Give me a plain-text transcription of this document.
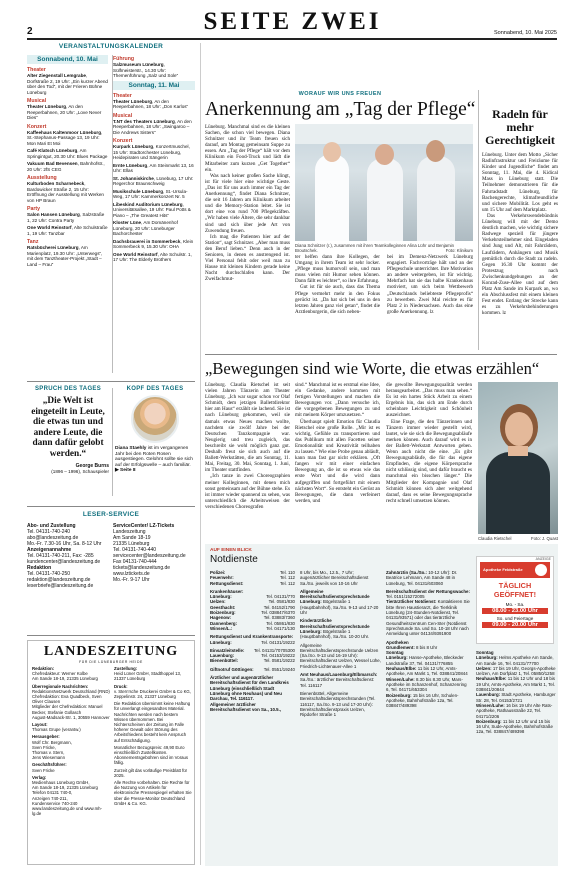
2	SEITE ZWEI	Sonnabend, 10. Mai 2025
VERANSTALTUNGSKALENDER
Sonnabend, 10. Mai
Theater
Alter Ziegenstall Lemgrabe, Dorfstraße 2, 19 Uhr: „Ein kurzer Abend über den Tod“, mit der Frieren Bühne Lüneburg
Musical
Theater Lüneburg, An den Reeperbahnen, 20 Uhr: „Love Never Dies“
Konzert
Kaffeehaus Kaltenmoor Lüneburg, St.-Stephanus-Passage 13, 19 Uhr: Mon Mari Et Moi
Café Klatsch Lüneburg, Am Springintgut, 20.30 Uhr: Blues Package
Vakuum Bad Bevensen, Bahnhofstr., 20 Uhr: 2fS CEG
Ausstellung
Kulturboden Scharnebeck, Bardowicker Straße 2, 15 Uhr: Eröffnung der Ausstellung mit Werken von HP Braun
Party
Salon Hansen Lüneburg, Salzstraße 1, 22 Uhr: Contra Party
One World Reinstorf, Alte Schulstraße 1, 19 Uhr: Tanzbar
Tanz
Ratsbücherei Lüneburg, Am Marienplatz, 19.30 Uhr: „Unterwegs“, mit dem Tanztheater-Projekt „Stadt – Land – Frau“
Führung
Salzmuseum Lüneburg, Sülfmeisterstr., 14.30 Uhr: Themenführung „Salz und Sole“
Sonntag, 11. Mai
Theater
Theater Lüneburg, An den Reeperbahnen, 18 Uhr: „Don Karlos“
Musical
T.NT des Theaters Lüneburg, An den Reeperbahnen, 18 Uhr: „Swingaroo – Die Andrews Sisters“
Konzert
Kurpark Lüneburg, Konzertmuschel, 15 Uhr: Stadtorchester Lüneburg, Heidepiraten und Sängerin
Ernte Lüneburg, Am Steinmarkt 13, 16 Uhr: Ellas
St. Johanniskirche, Lüneburg, 17 Uhr: Regerchor Braunschweig
Musikschule Lüneburg, St.-Ursula-Weg, 17 Uhr: Kammerkonzert Nr. 5
Libeskind Auditorium Lüneburg, Universitätsallee, 19 Uhr: Paul Potts & Piano – „The Greatest Hits“
Kloster Lüne, Am Domänenhof Lüneburg, 20 Uhr: Lüneburger Bachorchester
Dachsbrauerei in Sommerbeck, Klein Sommerbeck 9, 15.30 Uhr: OHA
One World Reinstorf, Alte Schulstr. 1, 17 Uhr: The Elderly Brothers
SPRUCH DES TAGES
„Die Welt ist eingeteilt in Leute, die etwas tun und andere Leute, die dann dafür gelobt werden.“
George Burns
(1896 – 1996), Schauspieler
KOPF DES TAGES
Diana Staehly ist im vergangenen Jahr bei den Roten Rosen ausgestiegen. Gelohnt sollte sie sich auf der Erfolgswelle – auch familiär. ▶ Seite 8
LESER-SERVICE
Abo- und Zustellung
Tel. 04131-740-240
abo@landeszeitung.de
Mo.-Fr. 7.30-16 Uhr, Sa. 8-12 Uhr
Anzeigenannahme
Tel. 04131-740-211, Fax: -285
kundencenter@landeszeitung.de
Redaktion
Tel. 04131-740-250
redaktion@landeszeitung.de
leserbriefe@landeszeitung.de
ServiceCenter/ LZ-Tickets
Landeszeitung
Am Sande 18-19
21335 Lüneburg
Tel. 04131-740-440
servicecenter@landeszeitung.de
Fax 04131-740-444
tickets@landeszeitung.de
www.lztickets.de
Mo.-Fr. 9-17 Uhr
LANDESZEITUNG
FÜR DIE LÜNEBURGER HEIDE
Redaktion:
Chefredakteur: Werner Kolbe
Am Sande 18-19, 21335 Lüneburg
Überregionale Nachrichten:
RedaktionsNetzwerk Deutschland (RND)
Chefredaktion: Eva Quadbeck, Sven Oliver Clausen
Mitglieder der Chefredaktion: Manuel Becker, Stefanie Gollasch
August-Madsack-Str. 1, 30559 Hannover
Layout:
Thomas Grupe (verantw.)
Herausgeber:
Wolf Chr. Bergmann,
Sven Fricke,
Thomas v. Stern,
Jens Wiesemann
Geschäftsführer:
Sven Fricke
Verlag:
Medienhaus Lüneburg GmbH,
Am Sande 18-19, 21335 Lüneburg
Telefon 04131 740-0,
Anzeigen 740-211,
Kundenservice 740-240
www.landeszeitung.de und www.mh-lg.de
Zustellung:
Heid Lüner GmbH, Stadthoppel 13, 21337 Lüneburg
Druck:
v. Stern’sche Druckerei GmbH & Co KG, Zeppelinstr. 24, 21337 Lüneburg
Die Redaktion übernimmt keine Haftung für unverlangt eingesandtes Material. Nachrichten werden nach bestem Wissen übernommen. Bei Nichterscheinen der Zeitung im Falle höherer Gewalt oder Störung des Arbeitsfriedens besteht kein Anspruch auf Entschädigung.
Monatlicher Bezugspreis: 49,90 Euro einschließlich Zustellkosten. Abonnementsgebühren sind im Voraus fällig.
Zurzeit gilt das vorläufige Preisblatt für 2025.
Alle Rechte vorbehalten. Die Rechte für die Nutzung von Artikeln für elektronische Pressespiegel erhalten Sie über die Presse-Monitor Deutschland GmbH & Co. KG.
WORAUF WIR UNS FREUEN
Anerkennung am „Tag der Pflege“

Lüneburg. Manchmal sind es die kleinen Sachen, die schon viel bewegen. Diana Schnitzer und ihr Team freuen sich darauf, am Montag gemeinsam Suppe zu essen. Am „Tag der Pflege“ hält vor dem Klinikum ein Food-Truck und lädt die Mitarbeiter zum kurzen „Get Together“ ein.

Was nach keiner großen Sache klingt, ist für viele hier eine wichtige Geste. „Das ist für uns auch immer ein Tag der Anerkennung“, findet Diana Schnitzer, die seit 16 Jahren am Klinikum arbeitet und die Memory-Station leitet. Sie ist dort eine von rund 700 Pflegekräften. „Wir haben viele Ältere, die sehr dankbar sind und sich über jede Art von Zuwendung freuen.

Ich mag die Patienten hier auf der Station“, sagt Schnitzer. „Aber man muss den Beruf lieben.“ Denn auch in der Senioren, in denen es anstrengend ist. Viel Personal fehlt oder weil man zu Hause mit kleinen Kindern gerade keine Nacht durchschlafen kann. Der Zweifachmut-

Diana Schnitzer (r.), zusammen mit ihren Teamkolleginnen Alina Lühr und Benjamin Broutschek.	Foto: Klinikum

ter helfen dann ihre Kollegen, der Umgang in ihrem Team ist sehr locker. „Pflege muss humorvoll sein, und man muss vielen mit Humor sehen können. Dann fällt es leichter“, so ihre Erfahrung.

Gut ist für sie auch, dass das Thema Pflege vermehrt mehr in den Fokus gerückt ist. „Da hat sich bei uns in den letzten Jahren ganz viel getan“, findet die Arztlenburgerin, die sich neben-

bei im Demenz-Netzwerk Lüneburg engagiert. Fachvorträge hält und an der Pflegeschule unterrichtet. Ihre Motivation an andere weitergeben, ist für wichtig. Mehrfach hat sie das halbe Krankenhaus motiviert, um sich beim Wettbewerb „Deutschlands beliebteste Pflegeprofis“ zu bewerben. Zwei Mal reichte es für Platz 2 in Niedersachsen. Auch das eine große Anerkennung. lz

Radeln für mehr Gerechtigkeit
Lüneburg. Unter dem Motto „Sicher Radinfrastruktur und Freiräume für Kinder und Jugendliche“ findet am Sonntag, 11. Mai, die 4. Kidical Mass in Lüneburg statt. Die Teilnehmer demonstrieren für die Fahrradstadt Lüneburg, für Bachengerechte, klimafreundliche und sichere Mobilität. Los geht es um 15 Uhr auf dem Marktplatz.
Das Verkehrswendebündnis Lüneburg will mit der Demo deutlich machen, wie wichtig sichere Radwege speziell für jüngere Verkehrsteilnehmer sind. Eingeladen sind Jung und Alt, mit Fahrrädern, Laufrädern, Anhängern und Musik gemütlich durch die Stadt zu radeln. Gegen 16.30 Uhr kommt der Protestzug nach Zwischenkundgebungen an der Konrad-Zuse-Allee und auf dem Platz Am Sande im Kurpark an, wo ein Abschlussfest mit einem kleinen Fest endet. Entlang der Strecke kann es zu Verkehrsbehinderungen kommen. lz
„Bewegungen sind wie Worte, die etwas erzählen“

Lüneburg. Claudia Rietschel ist seit vielen Jahren Tänzerin am Theater Lüneburg. „Ich war sogar schon vor Olaf Schmidt, dem jetzigen Ballettdirektor hier am Haus“ erzählt sie lachend. Sie ist nach Lüneburg gekommen, weil sie damals etwas Neues machen wollte, nachdem sie zwölf Jahre bei der Deutschen Tanzkompagnie war. Neugierig und treu zugleich, das beschreibt sie wohl möglich ganz gut. Deshalb freut sie sich auch auf die Ballett-Werkstätten, die am Sonntag, 11. Mai, Freitag, 30. Mai, Sonntag, 1. Juni, im Theater stattfinden.

„Ich tanze in zwei Choreographien meiner Kolleginnen, mit denen mich sonst gemeinsam auf der Bühne stehe. Es ist immer wieder spannend zu sehen, was unterschiedlich die Arbeitsweisen der verschiedenen Choreografen

sind.“ Manchmal ist es erstmal eine Idee, ein Gedanke, andere kommen mit fertigen Vorstellungen und machen die Bewegungen vor. „Dann versuche ich, die vorgegebenen Bewegungen zu und mit meinem Körper umzusetzen.“

Überhaupt spielt Emotion für Claudia Rietschel eine große Rolle. „Mir ist es wichtig, Gefühle zu transportieren und das Publikum mit allen Facetten seiner Emotionalität und Kreativität teilhaben zu lassen.“ Wie eine Probe genau abläuft, kann man fast gar nicht erklären. „Oft fangen wir mit einer einfachen Bewegung an, die ist so etwas wie das erste Wort und die wird dann aufgegriffen und fortgeführt mit einem nächsten Wort“. So entsteht ein Gerüst an Bewegungen, die dann verfeinert werden, und

die gewollte Bewegungsqualität werden herausgearbeitet. „Das muss man sehen.“ Es ist ein hartes Stück Arbeit zu einem Ergebnis hin, das sich am Ende durch scheinbare Leichtigkeit und Schönheit auszeichnet.

Eine Frage, die den Tänzerinnen und Tänzern immer wieder gestellt wird, lautet, wie sie sich die Bewegungsabläufe merken können. Auch darauf wird es in der Ballett-Werkstatt Antworten geben. Wenn auch nicht die eine. „Es gibt Bewegungsabläufe, die für das eigene Empfinden, die eigene Körpersprache nicht schlüssig sind, und dafür braucht es manchmal ein bisschen länger.“ Die Mitglieder der Kompagnie und Olaf Schmidt können sich aber weitgehend darauf, dass es seine Bewegungssprache recht schnell umsetzen können.

Claudia Rietschel	Foto: J. Quast
AUF EINEN BLICK
Notdienste
Polizei:	Tel. 110
Feuerwehr:	Tel. 112
Rettungsdienst:	Tel. 112
Krankenhäuser:
Lüneburg:	Tel. 04131/770
Uelzen:	Tel. 0581/830
Geesthacht:	Tel. 04152/1790
Boizenburg:	Tel. 038847/6370
Hagenow:	Tel. 03883/7360
Dannenberg:	Tel. 05861/830
Winsen/L.:	Tel. 04171/130
Rettungsdienst und Krankentransporte:
Lüneburg:	Tel. 04131/19222
Einsatzleitstelle: Tel. 04131/70705300
Lauenburg:	Tel. 04153/19222
Bienenbüttel:	Tel. 0581/19222
Giftnotruf Göttingen: Tel. 0551/19240
Ärztlicher und augenärztlicher Bereitschaftsdienst für den Landkreis Lüneburg (einschließlich Stadt Lüneburg ohne Neuhaus) und Neu Darchau, Tel. 116117.
Allgemeiner ärztlicher Bereitschaftsdienst von Sa., 10.5.,
8 Uhr, bis Mo., 12.5., 7 Uhr; augenärztlicher Bereitschaftsdienst Sa./So. jeweils von 10-16 Uhr
Allgemeine Bereitschaftsdienstsprechstunde Lüneburg: Bögelstraße 1 (Hauptbahnhof), Sa./So. 9-13 und 17-20 Uhr
Kinderärztliche Bereitschaftsdienstsprechstunde Lüneburg: Bögelstraße 1 (Hauptbahnhof), Sa./So. 10-20 Uhr.
Allgemeine Bereitschaftsdienstsprechstunde Uelzen (Sa./So. 9-13 und 16-19 Uhr): Bereitschaftsdienst Uelzen, Wessel Lühe, Friedrich-Lichtenauer-Allee 1
Amt Neuhaus/Lauenburg/Elbmarsch: Sa./So.: ärztlicher Bereitschaftsdienst: Tel. 116117
Bienenbüttel, Allgemeine Bereitschaftsdienstsprechstunden (Tel. 116117, Sa./So. 9-13 und 17-20 Uhr): Bereitschaftsdienstpraxis Uelzen, Ripdorfer Straße 1
Zahnärztin (Sa./So.: 10-12 Uhr): Dr. Beatrice Lehmann, Am Sande 48 in Lüneburg, Tel. 04131/603060
Bereitschaftsdienst der Rettungswache: Tel. 0151/15272005
Tierärztlicher Notdienst: Kontaktieren Sie bitte Ihren Haustierarzt, die Tierklinik Lüneburg (24-Stunden-Notdienst, Tel. 04131/93571) oder das tierärztliche Gesundheitszentrum Cen-Ster (Notdienst Sprechstunde Sa. und So. 10-18 Uhr nach Anmeldung unter 04134/9391900
Apotheken
Grundlement: 8 bis 8 Uhr
Sonntag
Lüneburg: Hanse-Apotheke, Bleckeder Landstraße 37, Tel. 04131/776855
Neuhaus/Elbe: 11 bis 12 Uhr, Amts-Apotheke, Am Markt 1, Tel. 038841/20844
Winsen/Luhe: 8.30 bis 8.30 Uhr, Mars-Apotheke im Schanzenhof, Schanzenring 6, Tel. 04171/653304
Boizenburg: 15 bis 16 Uhr, Schulen-Apotheke, Bahnhofstraße 12a, Tel. 038847/489398
ANZEIGE
Apotheke Feldstraße
TÄGLICH GEÖFFNET!
Mo. - Sa.
08.00 - 23.00 Uhr
So. und Feiertage
09.00 - 20.00 Uhr
Sonntag
Lüneburg: Helms Apotheke Am Sande, Am Sande 16, Tel. 04131/77700
Uelzen: 17 bis 19 Uhr, Georgs-Apotheke Uelzen, Am Dorfplatz 1, Tel. 05850/1258
Neuhaus/Elbe: 11 bis 12 Uhr und 18 bis 19 Uhr, Amts-Apotheke, Am Markt 1, Tel. 038841/20844
Lauenburg: Stadt Apotheke, Hamburger Str. 28, Tel. 04153/2721
Winsen/Luhe: 16 bis 19 Uhr Alte Rats-Apotheke, Rathausstraße 22, Tel. 04171/2206
Boizenburg: 11 bis 12 Uhr und 15 bis 16 Uhr, Sude-Apotheke, Bahnhofstraße 12a, Tel. 038847/489398
